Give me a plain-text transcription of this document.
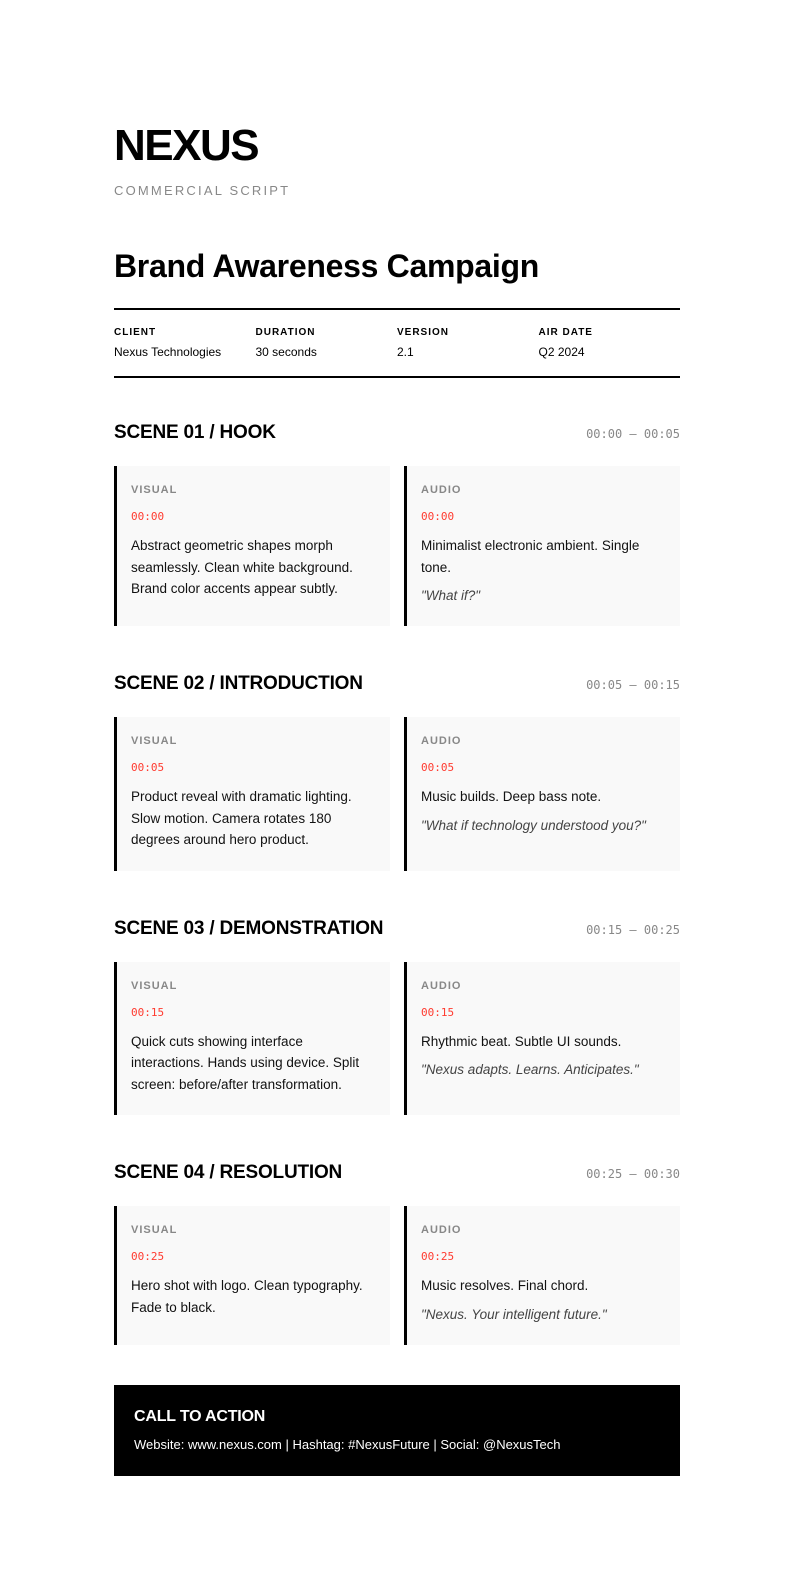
NEXUS
COMMERCIAL SCRIPT
Brand Awareness Campaign
CLIENT
Nexus Technologies
DURATION
30 seconds
VERSION
2.1
AIR DATE
Q2 2024
SCENE 01 / HOOK	00:00 – 00:05
VISUAL
00:00

Abstract geometric shapes morph seamlessly. Clean white background. Brand color accents appear subtly.

AUDIO
00:00

Minimalist electronic ambient. Single tone.

"What if?"

SCENE 02 / INTRODUCTION	00:05 – 00:15
VISUAL
00:05

Product reveal with dramatic lighting. Slow motion. Camera rotates 180 degrees around hero product.

AUDIO
00:05

Music builds. Deep bass note.

"What if technology understood you?"

SCENE 03 / DEMONSTRATION	00:15 – 00:25
VISUAL
00:15

Quick cuts showing interface interactions. Hands using device. Split screen: before/after transformation.

AUDIO
00:15

Rhythmic beat. Subtle UI sounds.

"Nexus adapts. Learns. Anticipates."

SCENE 04 / RESOLUTION	00:25 – 00:30
VISUAL
00:25

Hero shot with logo. Clean typography. Fade to black.

AUDIO
00:25

Music resolves. Final chord.

"Nexus. Your intelligent future."

CALL TO ACTION

Website: www.nexus.com | Hashtag: #NexusFuture | Social: @NexusTech
